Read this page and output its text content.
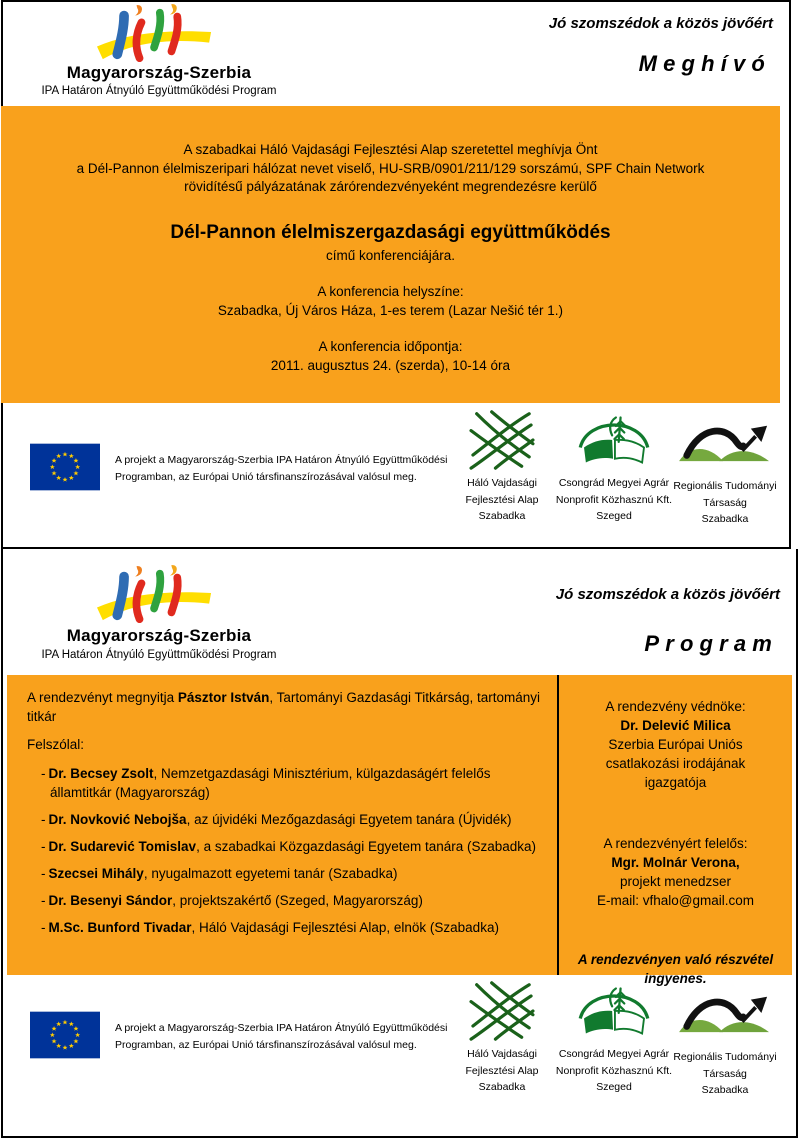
Magyarország-Szerbia
IPA Határon Átnyúló Együttműködési Program
Jó szomszédok a közös jövőért
Meghívó
A szabadkai Háló Vajdasági Fejlesztési Alap szeretettel meghívja Önt
a Dél-Pannon élelmiszeripari hálózat nevet viselő, HU-SRB/0901/211/129 sorszámú, SPF Chain Network
rövidítésű pályázatának zárórendezvényeként megrendezésre kerülő
Dél-Pannon élelmiszergazdasági együttműködés
című konferenciájára.
A konferencia helyszíne:
Szabadka, Új Város Háza, 1-es terem (Lazar Nešić tér 1.)
A konferencia időpontja:
2011. augusztus 24. (szerda), 10-14 óra
A projekt a Magyarország-Szerbia IPA Határon Átnyúló Együttműködési
Programban, az Európai Unió társfinanszírozásával valósul meg.
Háló Vajdasági
Fejlesztési Alap
Szabadka
Csongrád Megyei Agrár
Nonprofit Közhasznú Kft.
Szeged
Regionális Tudományi
Társaság
Szabadka
Magyarország-Szerbia
IPA Határon Átnyúló Együttműködési Program
Jó szomszédok a közös jövőért
Program

A rendezvényt megnyitja Pásztor István, Tartományi Gazdasági Titkárság, tartományi titkár

Felszólal:
- Dr. Becsey Zsolt, Nemzetgazdasági Minisztérium, külgazdaságért felelős államtitkár (Magyarország)
- Dr. Novković Nebojša, az újvidéki Mezőgazdasági Egyetem tanára (Újvidék)
- Dr. Sudarević Tomislav, a szabadkai Közgazdasági Egyetem tanára (Szabadka)
- Szecsei Mihály, nyugalmazott egyetemi tanár (Szabadka)
- Dr. Besenyi Sándor, projektszakértő (Szeged, Magyarország)
- M.Sc. Bunford Tivadar, Háló Vajdasági Fejlesztési Alap, elnök (Szabadka)
A rendezvény védnöke:
Dr. Delević Milica
Szerbia Európai Uniós csatlakozási irodájának igazgatója
A rendezvényért felelős:
Mgr. Molnár Verona,
projekt menedzser
E-mail: vfhalo@gmail.com
A rendezvényen való részvétel ingyenes.
A projekt a Magyarország-Szerbia IPA Határon Átnyúló Együttműködési
Programban, az Európai Unió társfinanszírozásával valósul meg.
Háló Vajdasági
Fejlesztési Alap
Szabadka
Csongrád Megyei Agrár
Nonprofit Közhasznú Kft.
Szeged
Regionális Tudományi
Társaság
Szabadka
